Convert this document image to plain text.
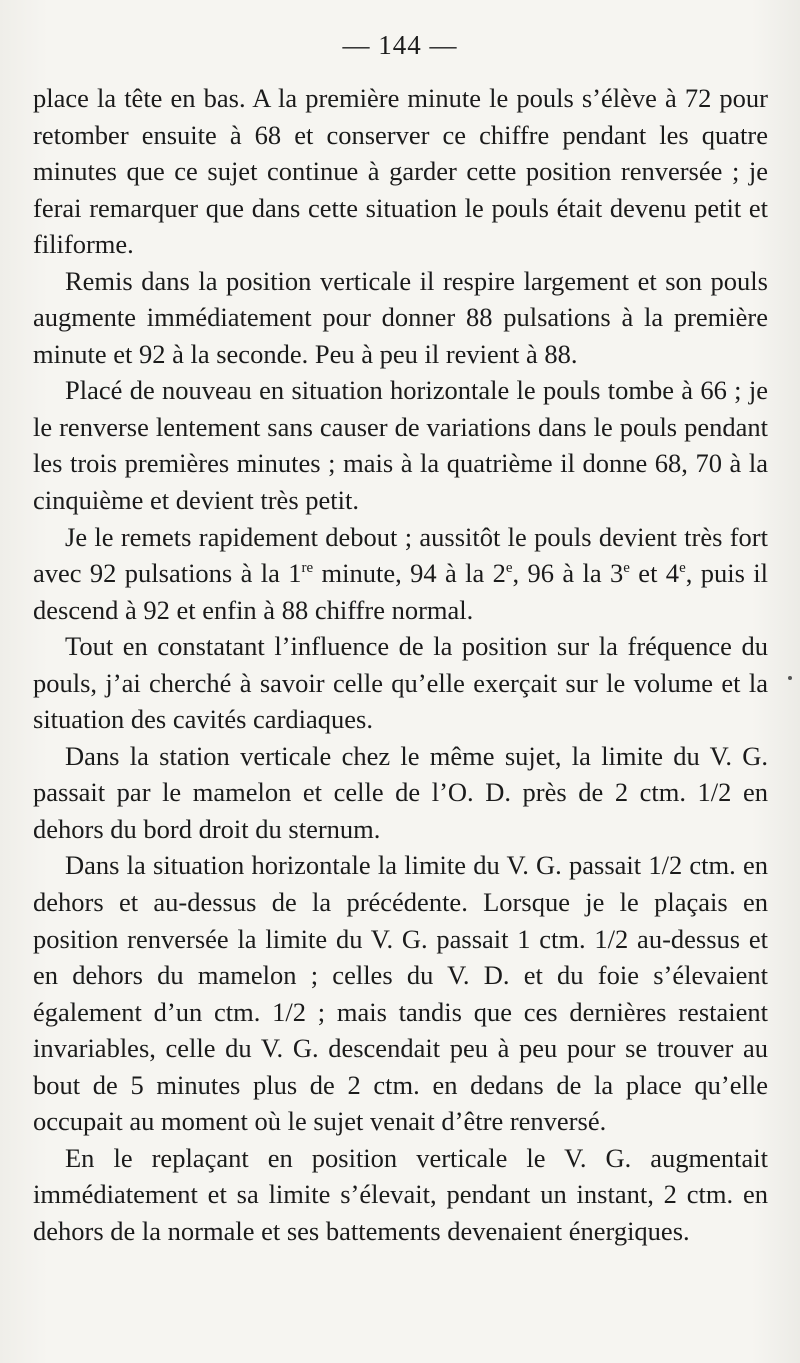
— 144 —

place la tête en bas. A la première minute le pouls s’élève à 72 pour retomber ensuite à 68 et conserver ce chiffre pendant les quatre minutes que ce sujet continue à garder cette position renversée ; je ferai remarquer que dans cette situation le pouls était devenu petit et filiforme.

Remis dans la position verticale il respire largement et son pouls augmente immédiatement pour donner 88 pulsations à la première minute et 92 à la seconde. Peu à peu il revient à 88.

Placé de nouveau en situation horizontale le pouls tombe à 66 ; je le renverse lentement sans causer de variations dans le pouls pendant les trois premières minutes ; mais à la quatrième il donne 68, 70 à la cinquième et devient très petit.

Je le remets rapidement debout ; aussitôt le pouls devient très fort avec 92 pulsations à la 1re minute, 94 à la 2e, 96 à la 3e et 4e, puis il descend à 92 et enfin à 88 chiffre normal.

Tout en constatant l’influence de la position sur la fréquence du pouls, j’ai cherché à savoir celle qu’elle exerçait sur le volume et la situation des cavités cardiaques.

Dans la station verticale chez le même sujet, la limite du V. G. passait par le mamelon et celle de l’O. D. près de 2 ctm. 1/2 en dehors du bord droit du sternum.

Dans la situation horizontale la limite du V. G. passait 1/2 ctm. en dehors et au-dessus de la précédente. Lorsque je le plaçais en position renversée la limite du V. G. passait 1 ctm. 1/2 au-dessus et en dehors du mamelon ; celles du V. D. et du foie s’élevaient également d’un ctm. 1/2 ; mais tandis que ces dernières restaient invariables, celle du V. G. descendait peu à peu pour se trouver au bout de 5 minutes plus de 2 ctm. en dedans de la place qu’elle occupait au moment où le sujet venait d’être renversé.

En le replaçant en position verticale le V. G. augmentait immédiatement et sa limite s’élevait, pendant un instant, 2 ctm. en dehors de la normale et ses battements devenaient énergiques.
